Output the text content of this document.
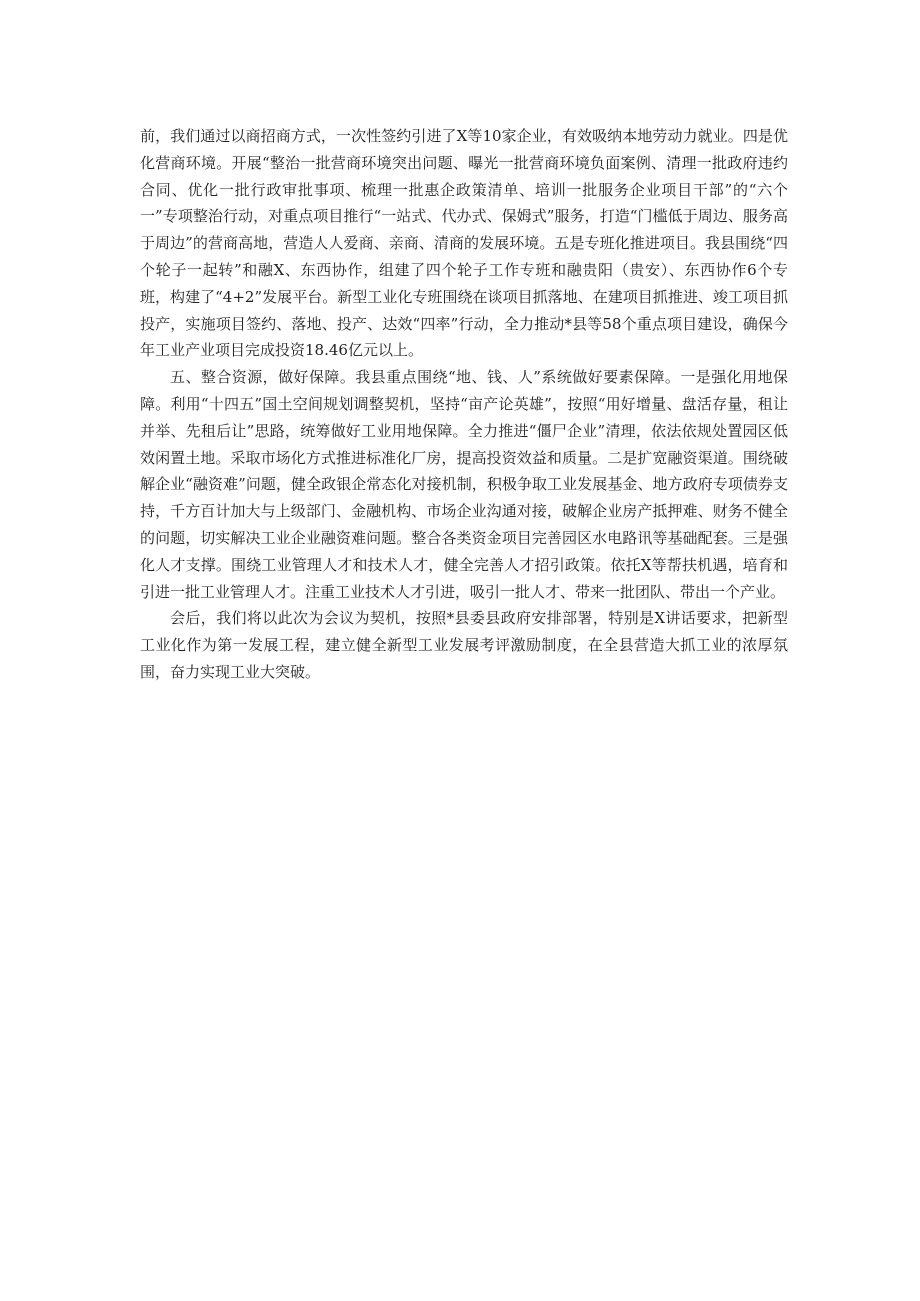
前，我们通过以商招商方式，一次性签约引进了X等10家企业，有效吸纳本地劳动力就业。四是优化营商环境。开展“整治一批营商环境突出问题、曝光一批营商环境负面案例、清理一批政府违约合同、优化一批行政审批事项、梳理一批惠企政策清单、培训一批服务企业项目干部”的“六个一”专项整治行动，对重点项目推行“一站式、代办式、保姆式”服务，打造“门槛低于周边、服务高于周边”的营商高地，营造人人爱商、亲商、清商的发展环境。五是专班化推进项目。我县围绕“四个轮子一起转”和融X、东西协作，组建了四个轮子工作专班和融贵阳（贵安）、东西协作6个专班，构建了“4+2”发展平台。新型工业化专班围绕在谈项目抓落地、在建项目抓推进、竣工项目抓投产，实施项目签约、落地、投产、达效“四率”行动，全力推动*县等58个重点项目建设，确保今年工业产业项目完成投资18.46亿元以上。

五、整合资源，做好保障。我县重点围绕“地、钱、人”系统做好要素保障。一是强化用地保障。利用“十四五”国土空间规划调整契机，坚持“亩产论英雄”，按照“用好增量、盘活存量，租让并举、先租后让”思路，统筹做好工业用地保障。全力推进“僵尸企业”清理，依法依规处置园区低效闲置土地。采取市场化方式推进标准化厂房，提高投资效益和质量。二是扩宽融资渠道。围绕破解企业“融资难”问题，健全政银企常态化对接机制，积极争取工业发展基金、地方政府专项债券支持，千方百计加大与上级部门、金融机构、市场企业沟通对接，破解企业房产抵押难、财务不健全的问题，切实解决工业企业融资难问题。整合各类资金项目完善园区水电路讯等基础配套。三是强化人才支撑。围绕工业管理人才和技术人才，健全完善人才招引政策。依托X等帮扶机遇，培育和引进一批工业管理人才。注重工业技术人才引进，吸引一批人才、带来一批团队、带出一个产业。

会后，我们将以此次为会议为契机，按照*县委县政府安排部署，特别是X讲话要求，把新型工业化作为第一发展工程，建立健全新型工业发展考评激励制度，在全县营造大抓工业的浓厚氛围，奋力实现工业大突破。
